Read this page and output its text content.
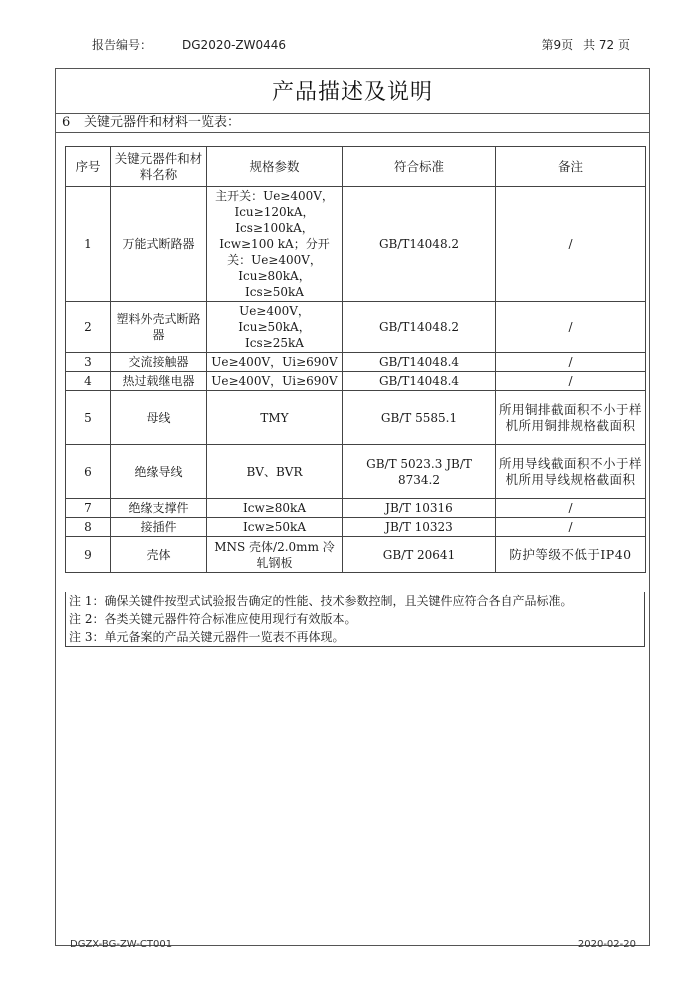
报告编号：	DG2020-ZW0446	第9页 共 72 页
产品描述及说明
6 关键元器件和材料一览表：
序号	关键元器件和材料名称	规格参数	符合标准	备注
1	万能式断路器	主开关：Ue≥400V，Icu≥120kA，Ics≥100kA，Icw≥100 kA；分开关：Ue≥400V，Icu≥80kA，Ics≥50kA	GB/T14048.2	/
2	塑料外壳式断路器	Ue≥400V，Icu≥50kA，Ics≥25kA	GB/T14048.2	/
3	交流接触器	Ue≥400V，Ui≥690V	GB/T14048.4	/
4	热过载继电器	Ue≥400V，Ui≥690V	GB/T14048.4	/
5	母线	TMY	GB/T 5585.1	所用铜排截面积不小于样机所用铜排规格截面积
6	绝缘导线	BV、BVR	GB/T 5023.3 JB/T 8734.2	所用导线截面积不小于样机所用导线规格截面积
7	绝缘支撑件	Icw≥80kA	JB/T 10316	/
8	接插件	Icw≥50kA	JB/T 10323	/
9	壳体	MNS 壳体/2.0mm 冷轧钢板	GB/T 20641	防护等级不低于IP40
注 1：确保关键件按型式试验报告确定的性能、技术参数控制，且关键件应符合各自产品标准。
注 2：各类关键元器件符合标准应使用现行有效版本。
注 3：单元备案的产品关键元器件一览表不再体现。
DGZX-BG-ZW-CT001	2020-02-20
